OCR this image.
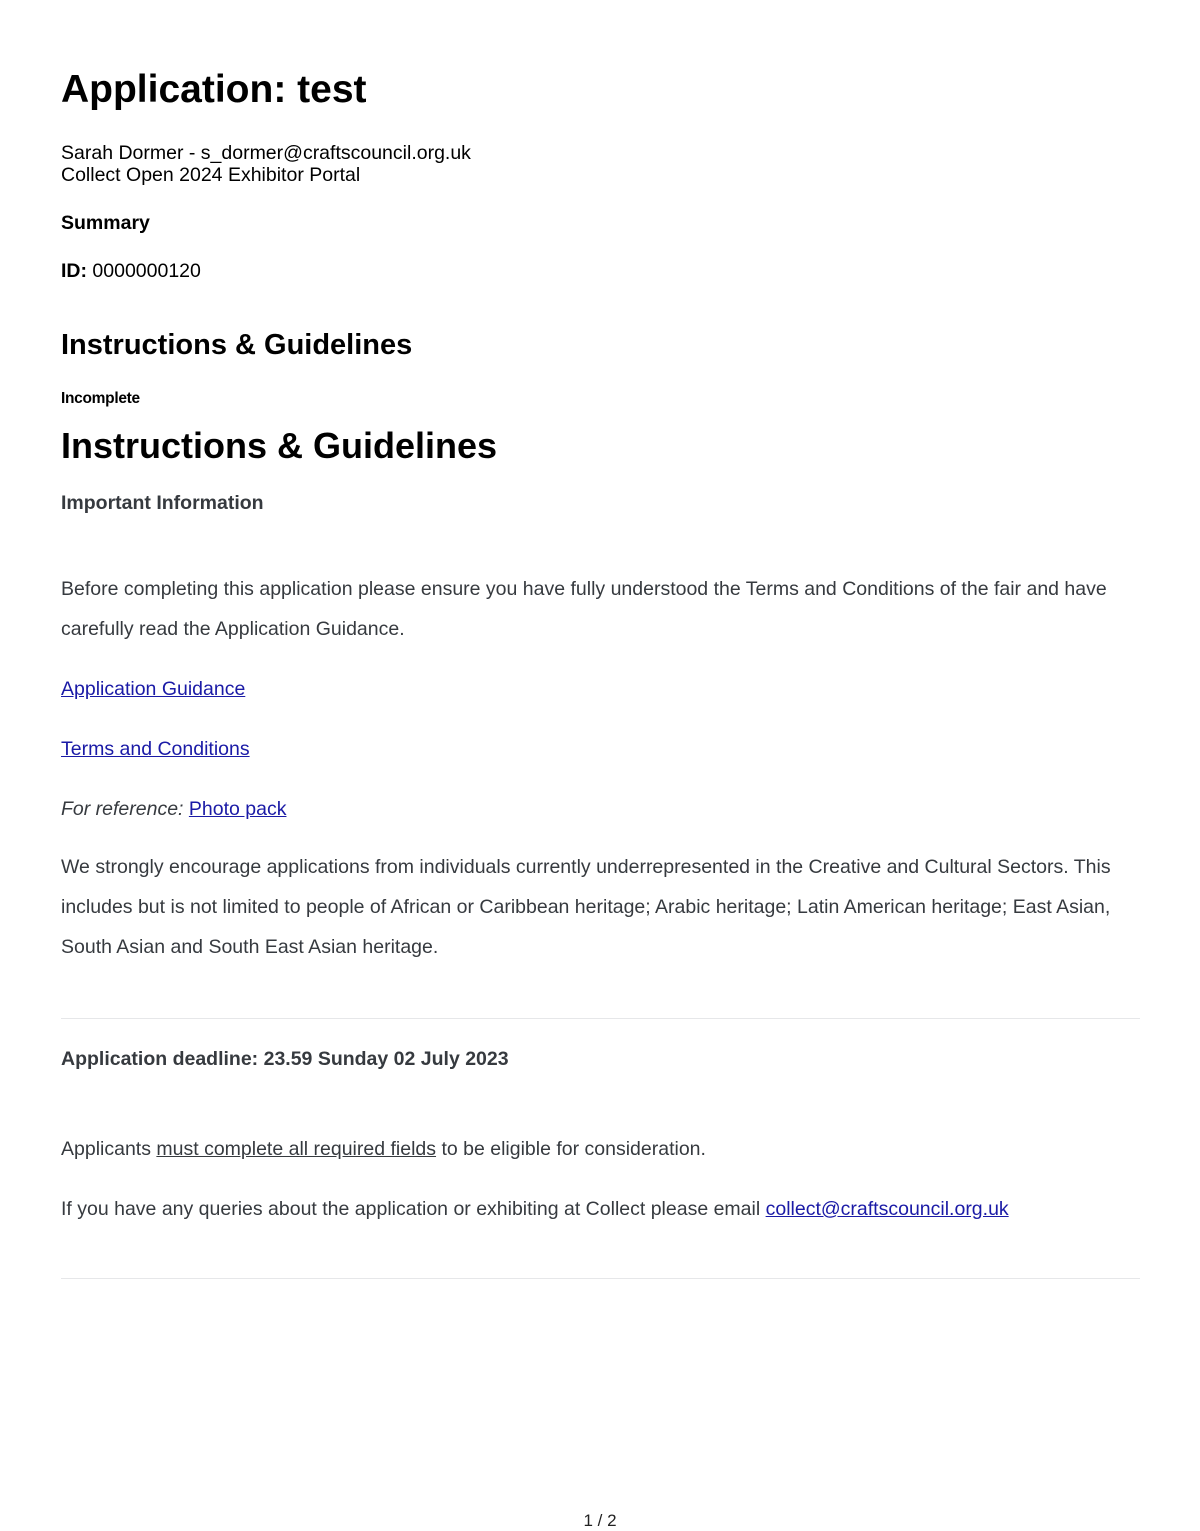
Application: test
Sarah Dormer - s_dormer@craftscouncil.org.uk
Collect Open 2024 Exhibitor Portal
Summary
ID: 0000000120
Instructions & Guidelines
Incomplete
Instructions & Guidelines
Important Information

Before completing this application please ensure you have fully understood the Terms and Conditions of the fair and have carefully read the Application Guidance.

Application Guidance

Terms and Conditions

For reference: Photo pack

We strongly encourage applications from individuals currently underrepresented in the Creative and Cultural Sectors. This includes but is not limited to people of African or Caribbean heritage; Arabic heritage; Latin American heritage; East Asian, South Asian and South East Asian heritage.

Application deadline: 23.59 Sunday 02 July 2023

Applicants must complete all required fields to be eligible for consideration.

If you have any queries about the application or exhibiting at Collect please email collect@craftscouncil.org.uk

1 / 2
